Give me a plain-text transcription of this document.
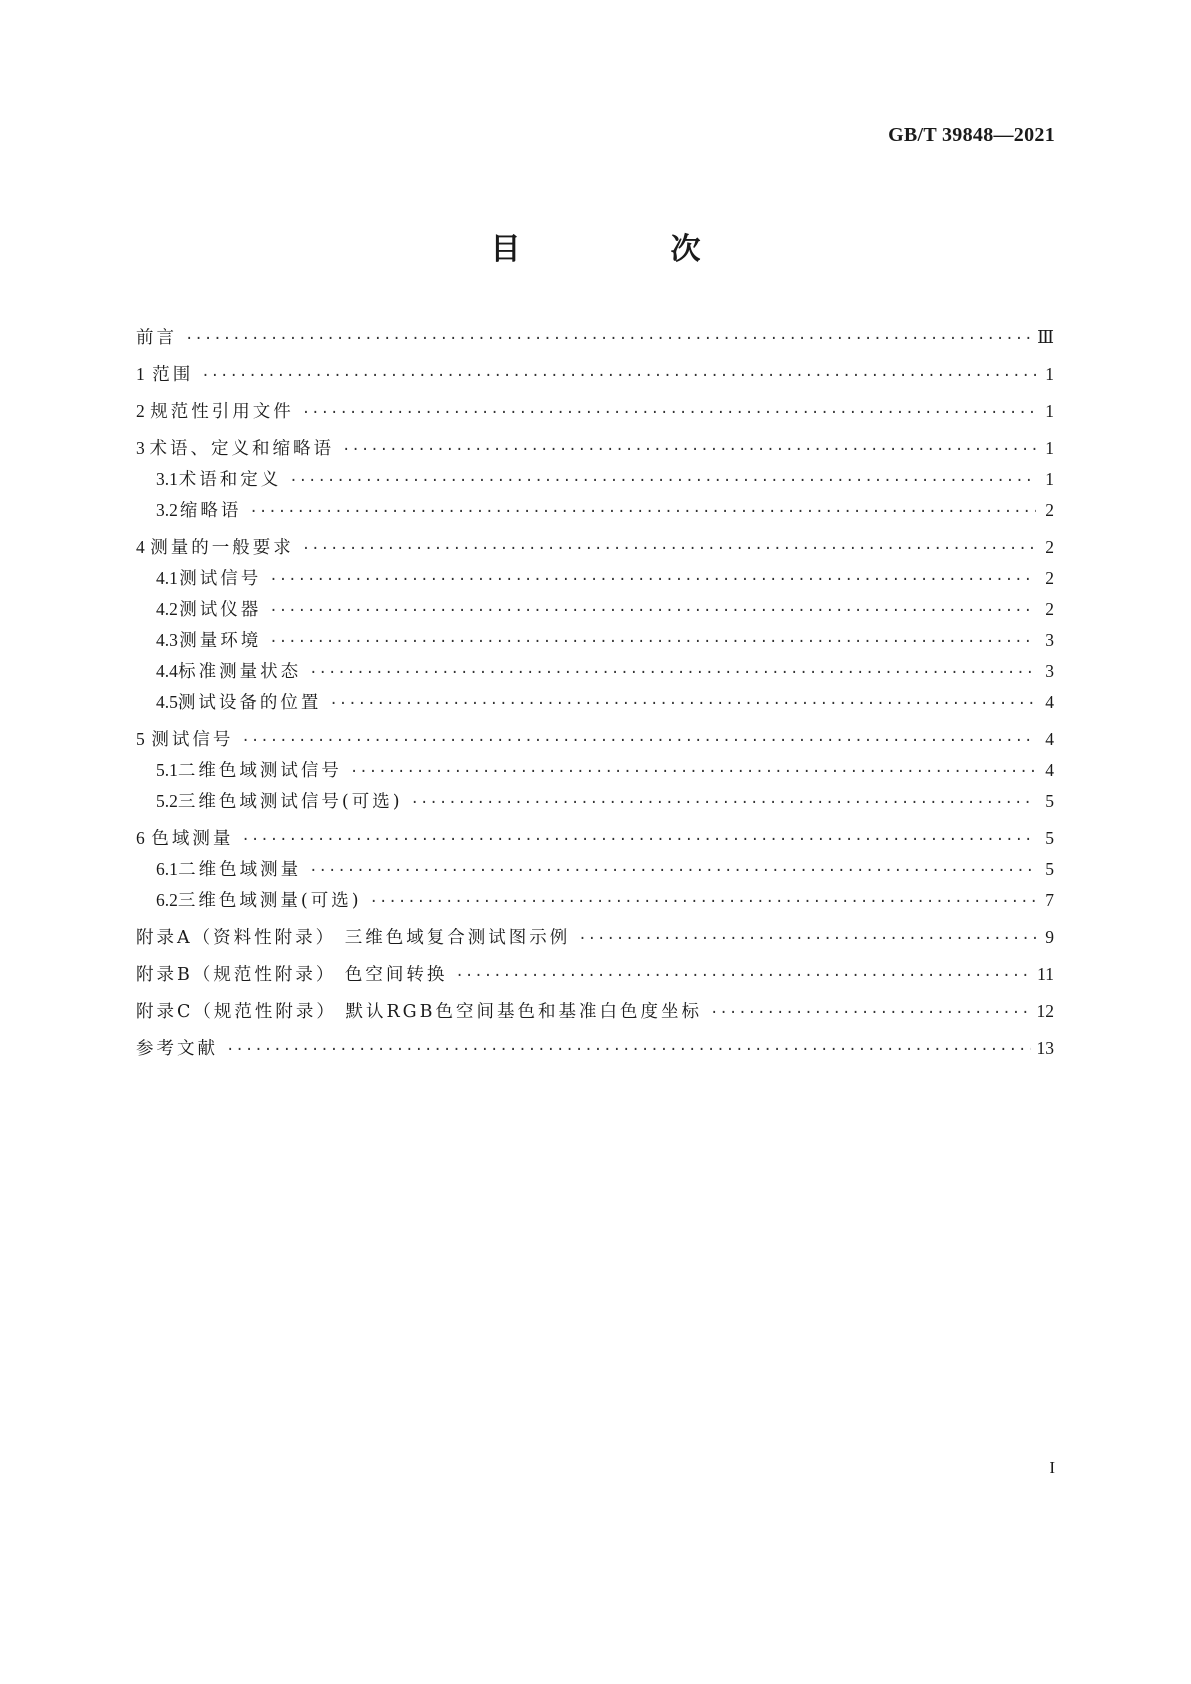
GB/T 39848—2021
目　次
前言 ·····	Ⅲ
1 范围 ·····	1
2 规范性引用文件 ·····	1
3 术语、定义和缩略语 ·····	1
3.1 术语和定义 ·····	1
3.2 缩略语 ·····	2
4 测量的一般要求 ·····	2
4.1 测试信号 ·····	2
4.2 测试仪器 ·····	2
4.3 测量环境 ·····	3
4.4 标准测量状态 ·····	3
4.5 测试设备的位置 ·····	4
5 测试信号 ·····	4
5.1 二维色域测试信号 ·····	4
5.2 三维色域测试信号(可选) ·····	5
6 色域测量 ·····	5
6.1 二维色域测量 ·····	5
6.2 三维色域测量(可选) ·····	7
附录A（资料性附录） 三维色域复合测试图示例 ·····	9
附录B（规范性附录） 色空间转换 ·····	11
附录C（规范性附录） 默认RGB色空间基色和基准白色度坐标 ·····	12
参考文献 ·····	13
I
